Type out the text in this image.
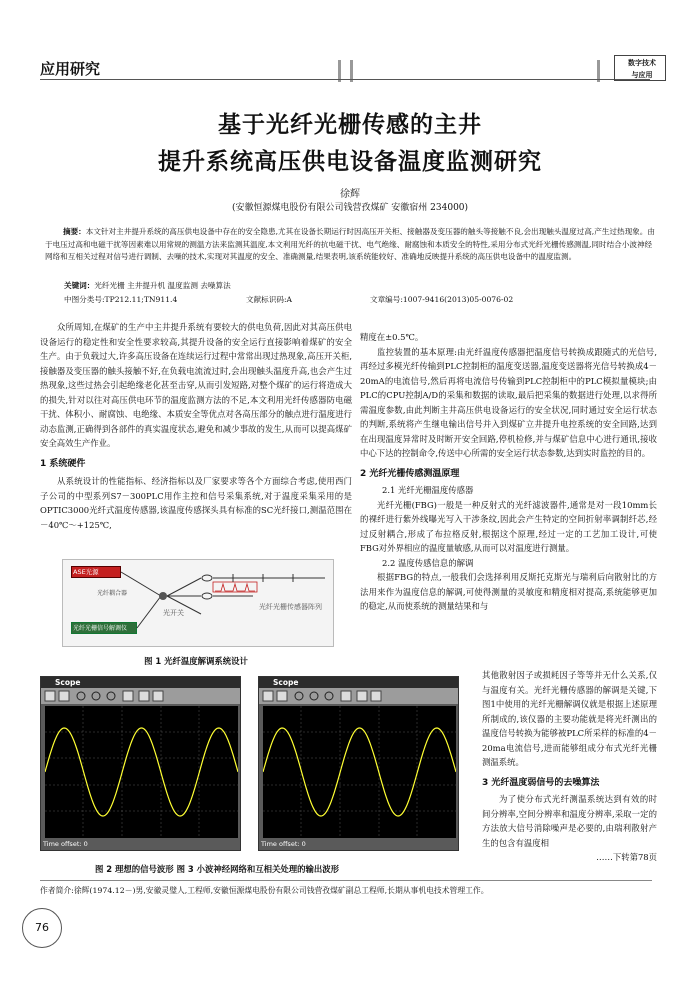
应用研究	数字技术
与应用
基于光纤光栅传感的主井
提升系统高压供电设备温度监测研究
徐辉
(安徽恒源煤电股份有限公司钱营孜煤矿 安徽宿州 234000)
摘要：本文针对主井提升系统的高压供电设备中存在的安全隐患,尤其在设备长期运行时因高压开关柜、接触器及变压器的触头等接触不良,会出现触头温度过高,产生过热现象。由于电压过高和电磁干扰等因素难以用常规的测温方法来监测其温度,本文利用光纤的抗电磁干扰、电气绝缘、耐腐蚀和本质安全的特性,采用分布式光纤光栅传感测温,同时结合小波神经网络和互相关过程对信号进行调制、去噪的技术,实现对其温度的安全、准确测量,结果表明,该系统能较好、准确地反映提升系统的高压供电设备中的温度监测。
关键词：光纤光栅 主井提升机 温度监测 去噪算法
中图分类号:TP212.11;TN911.4	文献标识码:A	文章编号:1007-9416(2013)05-0076-02

众所周知,在煤矿的生产中主井提升系统有要较大的供电负荷,因此对其高压供电设备运行的稳定性和安全性要求较高,其提升设备的安全运行直接影响着煤矿的安全生产。由于负载过大,许多高压设备在连续运行过程中常常出现过热现象,高压开关柜,接触器及变压器的触头接触不好,在负载电流流过时,会出现触头温度升高,也会产生过热现象,这些过热会引起绝缘老化甚至击穿,从而引发短路,对整个煤矿的运行将造成大的损失,针对以往对高压供电环节的温度监测方法的不足,本文利用光纤传感器防电磁干扰、体积小、耐腐蚀、电绝缘、本质安全等优点对各高压部分的触点进行温度进行动态监测,正确得到各部件的真实温度状态,避免和减少事故的发生,从而可以提高煤矿安全高效生产作业。

1 系统硬件

从系统设计的性能指标、经济指标以及厂家要求等各个方面综合考虑,使用西门子公司的中型系列S7－300PLC用作主控和信号采集系统,对于温度采集采用的是OPTIC3000光纤式温度传感器,该温度传感探头具有标准的SC光纤接口,测温范围在－40℃～+125℃,

ASE光源
光纤耦合器
光纤光栅信号解调仪
光开关
光纤光栅传感器阵列
图 1 光纤温度解调系统设计
精度在±0.5℃。

监控装置的基本原理:由光纤温度传感器把温度信号转换成跟随式的光信号,再经过多模光纤传输到PLC控制柜的温度变送器,温度变送器将光信号转换成4－20mA的电流信号,然后再将电流信号传输到PLC控制柜中的PLC模拟量模块;由PLC的CPU控制A/D的采集和数据的读取,最后把采集的数据进行处理,以求得所需温度参数,由此判断主井高压供电设备运行的安全状况,同时通过安全运行状态的判断,系统将产生继电输出信号并入到煤矿立井提升电控系统的安全回路,达到在出现温度异常时及时断开安全回路,停机检修,并与煤矿信息中心进行通讯,接收中心下达的控制命令,传送中心所需的安全运行状态参数,达到实时监控的目的。

2 光纤光栅传感测温原理
2.1 光纤光栅温度传感器

光纤光栅(FBG)一般是一种反射式的光纤滤波器件,通常是对一段10mm长的裸纤进行紫外线曝光写入干涉条纹,因此会产生特定的空间折射率调制纤芯,经过反射耦合,形成了布拉格反射,根据这个原理,经过一定的工艺加工设计,可使FBG对外界相应的温度量敏感,从而可以对温度进行测量。

2.2 温度传感信息的解调

根据FBG的特点,一般我们会选择利用反斯托克斯光与瑞利后向散射比的方法用来作为温度信息的解调,可使得测量的灵敏度和精度相对提高,系统能够更加的稳定,从而使系统的测量结果和与

其他散射因子或损耗因子等等并无什么关系,仅与温度有关。光纤光栅传感器的解调是关键,下图1中使用的光纤光栅解调仪就是根据上述原理所制成的,该仪器的主要功能就是将光纤测出的温度信号转换为能够被PLC所采样的标准的4－20ma电流信号,进而能够组成分布式光纤光栅测温系统。
3 光纤温度弱信号的去噪算法

为了使分布式光纤测温系统达到有效的时间分辨率,空间分辨率和温度分辨率,采取一定的方法放大信号消除噪声是必要的,由瑞利散射产生的包含有温度相

……下转第78页
Scope
Time offset: 0
Scope
Time offset: 0
图 2 理想的信号波形 图 3 小波神经网络和互相关处理的输出波形
作者简介:徐辉(1974.12－)男,安徽灵璧人,工程师,安徽恒源煤电股份有限公司钱营孜煤矿副总工程师,长期从事机电技术管理工作。
76
